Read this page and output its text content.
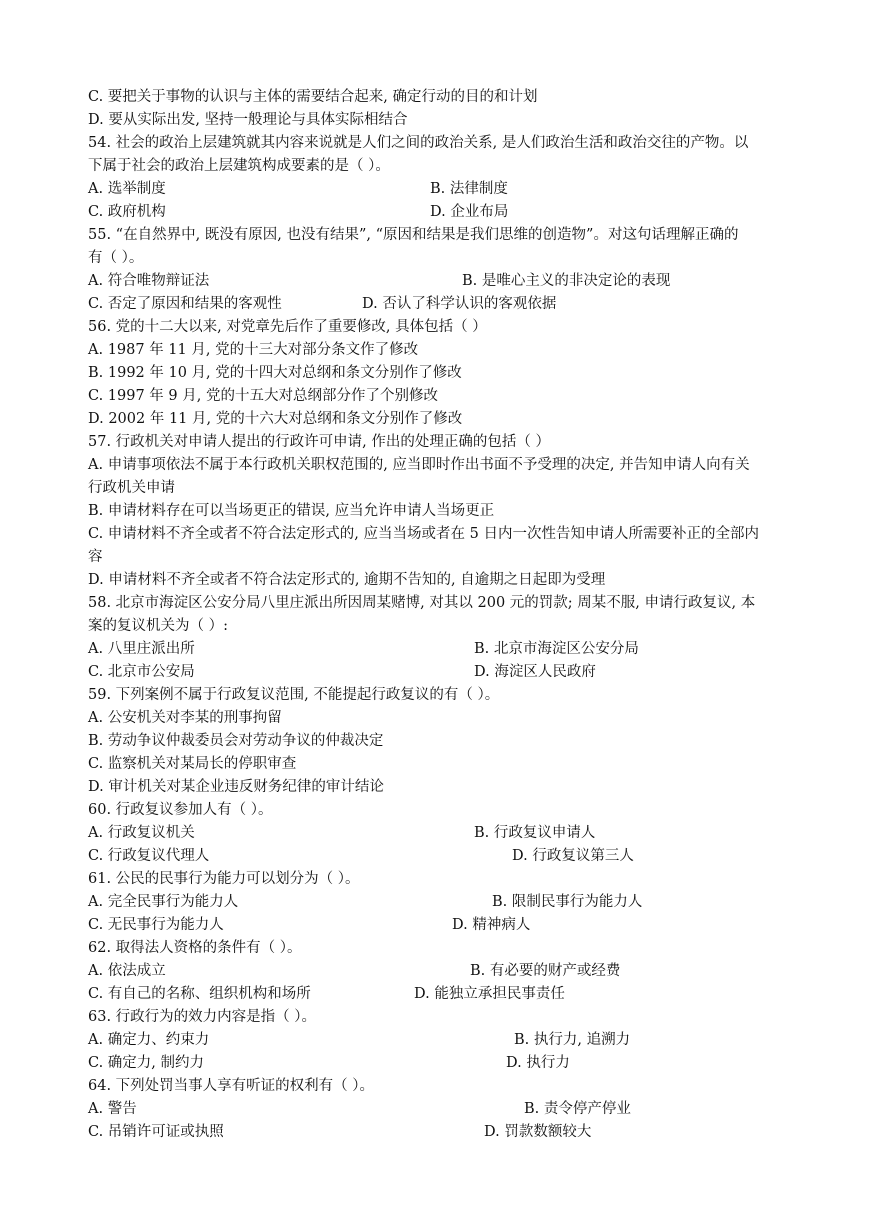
C. 要把关于事物的认识与主体的需要结合起来, 确定行动的目的和计划
D. 要从实际出发, 坚持一般理论与具体实际相结合
54. 社会的政治上层建筑就其内容来说就是人们之间的政治关系, 是人们政治生活和政治交往的产物。以
下属于社会的政治上层建筑构成要素的是（ ）。
A. 选举制度	B. 法律制度
C. 政府机构	D. 企业布局
55. “在自然界中, 既没有原因, 也没有结果”, “原因和结果是我们思维的创造物”。对这句话理解正确的
有（ ）。
A. 符合唯物辩证法	B. 是唯心主义的非决定论的表现
C. 否定了原因和结果的客观性	D. 否认了科学认识的客观依据
56. 党的十二大以来, 对党章先后作了重要修改, 具体包括（ ）
A. 1987 年 11 月, 党的十三大对部分条文作了修改
B. 1992 年 10 月, 党的十四大对总纲和条文分别作了修改
C. 1997 年 9 月, 党的十五大对总纲部分作了个别修改
D. 2002 年 11 月, 党的十六大对总纲和条文分别作了修改
57. 行政机关对申请人提出的行政许可申请, 作出的处理正确的包括（ ）
A. 申请事项依法不属于本行政机关职权范围的, 应当即时作出书面不予受理的决定, 并告知申请人向有关
行政机关申请
B. 申请材料存在可以当场更正的错误, 应当允许申请人当场更正
C. 申请材料不齐全或者不符合法定形式的, 应当当场或者在 5 日内一次性告知申请人所需要补正的全部内
容
D. 申请材料不齐全或者不符合法定形式的, 逾期不告知的, 自逾期之日起即为受理
58. 北京市海淀区公安分局八里庄派出所因周某赌博, 对其以 200 元的罚款; 周某不服, 申请行政复议, 本
案的复议机关为（ ）:
A. 八里庄派出所	B. 北京市海淀区公安分局
C. 北京市公安局	D. 海淀区人民政府
59. 下列案例不属于行政复议范围, 不能提起行政复议的有（ ）。
A. 公安机关对李某的刑事拘留
B. 劳动争议仲裁委员会对劳动争议的仲裁决定
C. 监察机关对某局长的停职审查
D. 审计机关对某企业违反财务纪律的审计结论
60. 行政复议参加人有（ ）。
A. 行政复议机关	B. 行政复议申请人
C. 行政复议代理人	D. 行政复议第三人
61. 公民的民事行为能力可以划分为（ ）。
A. 完全民事行为能力人	B. 限制民事行为能力人
C. 无民事行为能力人	D. 精神病人
62. 取得法人资格的条件有（ ）。
A. 依法成立	B. 有必要的财产或经费
C. 有自己的名称、组织机构和场所	D. 能独立承担民事责任
63. 行政行为的效力内容是指（ ）。
A. 确定力、约束力	B. 执行力, 追溯力
C. 确定力, 制约力	D. 执行力
64. 下列处罚当事人享有听证的权利有（ ）。
A. 警告	B. 责令停产停业
C. 吊销许可证或执照	D. 罚款数额较大
